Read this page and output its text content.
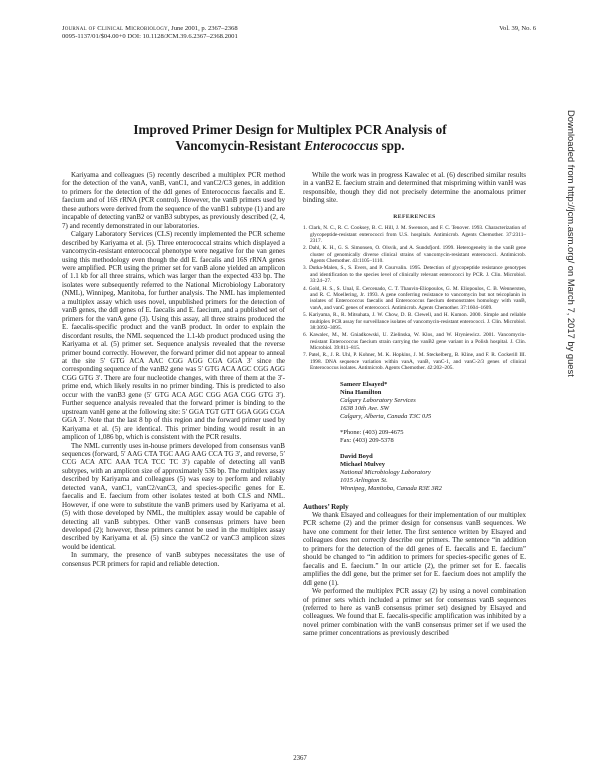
Journal of Clinical Microbiology, June 2001, p. 2367–2368
0095-1137/01/$04.00+0 DOI: 10.1128/JCM.39.6.2367–2368.2001
Vol. 39, No. 6
Improved Primer Design for Multiplex PCR Analysis of
Vancomycin-Resistant Enterococcus spp.

Kariyama and colleagues (5) recently described a multiplex PCR method for the detection of the vanA, vanB, vanC1, and vanC2/C3 genes, in addition to primers for the detection of the ddl genes of Enterococcus faecalis and E. faecium and of 16S rRNA (PCR control). However, the vanB primers used by these authors were derived from the sequence of the vanB1 subtype (1) and are incapable of detecting vanB2 or vanB3 subtypes, as previously described (2, 4, 7) and recently demonstrated in our laboratories.

Calgary Laboratory Services (CLS) recently implemented the PCR scheme described by Kariyama et al. (5). Three enterococcal strains which displayed a vancomycin-resistant enterococcal phenotype were negative for the van genes using this methodology even though the ddl E. faecalis and 16S rRNA genes were amplified. PCR using the primer set for vanB alone yielded an amplicon of 1.1 kb for all three strains, which was larger than the expected 433 bp. The isolates were subsequently referred to the National Microbiology Laboratory (NML), Winnipeg, Manitoba, for further analysis. The NML has implemented a multiplex assay which uses novel, unpublished primers for the detection of vanB genes, the ddl genes of E. faecalis and E. faecium, and a published set of primers for the vanA gene (3). Using this assay, all three strains produced the E. faecalis-specific product and the vanB product. In order to explain the discordant results, the NML sequenced the 1.1-kb product produced using the Kariyama et al. (5) primer set. Sequence analysis revealed that the reverse primer bound correctly. However, the forward primer did not appear to anneal at the site 5′ GTG ACA AAC CGG AGG CGA GGA 3′ since the corresponding sequence of the vanB2 gene was 5′ GTG ACA AGC CGG AGG CGG GTG 3′. There are four nucleotide changes, with three of them at the 3′-prime end, which likely results in no primer binding. This is predicted to also occur with the vanB3 gene (5′ GTG ACA AGC CGG AGA CGG GTG 3′). Further sequence analysis revealed that the forward primer is binding to the upstream vanH gene at the following site: 5′ GGA TGT GTT GGA GGG CGA GGA 3′. Note that the last 8 bp of this region and the forward primer used by Kariyama et al. (5) are identical. This primer binding would result in an amplicon of 1,086 bp, which is consistent with the PCR results.

The NML currently uses in-house primers developed from consensus vanB sequences (forward, 5′ AAG CTA TGC AAG AAG CCA TG 3′, and reverse, 5′ CCG ACA ATC AAA TCA TCC TC 3′) capable of detecting all vanB subtypes, with an amplicon size of approximately 536 bp. The multiplex assay described by Kariyama and colleagues (5) was easy to perform and reliably detected vanA, vanC1, vanC2/vanC3, and species-specific genes for E. faecalis and E. faecium from other isolates tested at both CLS and NML. However, if one were to substitute the vanB primers used by Kariyama et al. (5) with those developed by NML, the multiplex assay would be capable of detecting all vanB subtypes. Other vanB consensus primers have been developed (2); however, these primers cannot be used in the multiplex assay described by Kariyama et al. (5) since the vanC2 or vanC3 amplicon sizes would be identical.

In summary, the presence of vanB subtypes necessitates the use of consensus PCR primers for rapid and reliable detection.

While the work was in progress Kawalec et al. (6) described similar results in a vanB2 E. faecium strain and determined that mispriming within vanH was responsible, though they did not precisely determine the anomalous primer binding site.

REFERENCES
1. Clark, N. C., R. C. Cooksey, B. C. Hill, J. M. Swenson, and F. C. Tenover. 1993. Characterization of glycopeptide-resistant enterococci from U.S. hospitals. Antimicrob. Agents Chemother. 37:2311–2317.
2. Dahl, K. H., G. S. Simonsen, O. Olsvik, and A. Sundsfjord. 1999. Heterogeneity in the vanB gene cluster of genomically diverse clinical strains of vancomycin-resistant enterococci. Antimicrob. Agents Chemother. 43:1105–1110.
3. Dutka-Malen, S., S. Evers, and P. Courvalin. 1995. Detection of glycopeptide resistance genotypes and identification to the species level of clinically relevant enterococci by PCR. J. Clin. Microbiol. 33:24–27.
4. Gold, H. S., S. Unal, E. Cercenado, C. T. Thauvin-Eliopoulos, G. M. Eliopoulos, C. B. Wennersten, and R. C. Moellering, Jr. 1993. A gene conferring resistance to vancomycin but not teicoplanin in isolates of Enterococcus faecalis and Enterococcus faecium demonstrates homology with vanB, vanA, and vanC genes of enterococci. Antimicrob. Agents Chemother. 37:1604–1609.
5. Kariyama, R., R. Mitsuhata, J. W. Chow, D. B. Clewell, and H. Kumon. 2000. Simple and reliable multiplex PCR assay for surveillance isolates of vancomycin-resistant enterococci. J. Clin. Microbiol. 38:3092–3095.
6. Kawalec, M., M. Gniadkowski, U. Zielinska, W. Klos, and W. Hryniewicz. 2001. Vancomycin-resistant Enterococcus faecium strain carrying the vanB2 gene variant in a Polish hospital. J. Clin. Microbiol. 39:811–815.
7. Patel, R., J. R. Uhl, P. Kohner, M. K. Hopkins, J. M. Steckelberg, B. Kline, and F. R. Cockerill III. 1998. DNA sequence variation within vanA, vanB, vanC-1, and vanC-2/3 genes of clinical Enterococcus isolates. Antimicrob. Agents Chemother. 42:202–205.
Sameer Elsayed*
Nina Hamilton
Calgary Laboratory Services
1638 10th Ave. SW
Calgary, Alberta, Canada T3C 0J5
*Phone: (403) 209-4675
Fax: (403) 209-5378
David Boyd
Michael Mulvey
National Microbiology Laboratory
1015 Arlington St.
Winnipeg, Manitoba, Canada R3E 3R2
Authors’ Reply

We thank Elsayed and colleagues for their implementation of our multiplex PCR scheme (2) and the primer design for consensus vanB sequences. We have one comment for their letter. The first sentence written by Elsayed and colleagues does not correctly describe our primers. The sentence “in addition to primers for the detection of the ddl genes of E. faecalis and E. faecium” should be changed to “in addition to primers for species-specific genes of E. faecalis and E. faecium.” In our article (2), the primer set for E. faecalis amplifies the ddl gene, but the primer set for E. faecium does not amplify the ddl gene (1).

We performed the multiplex PCR assay (2) by using a novel combination of primer sets which included a primer set for consensus vanB sequences (referred to here as vanB consensus primer set) designed by Elsayed and colleagues. We found that E. faecalis-specific amplification was inhibited by a novel primer combination with the vanB consensus primer set if we used the same primer concentrations as previously described

Downloaded from http://jcm.asm.org/ on March 7, 2017 by guest
2367
